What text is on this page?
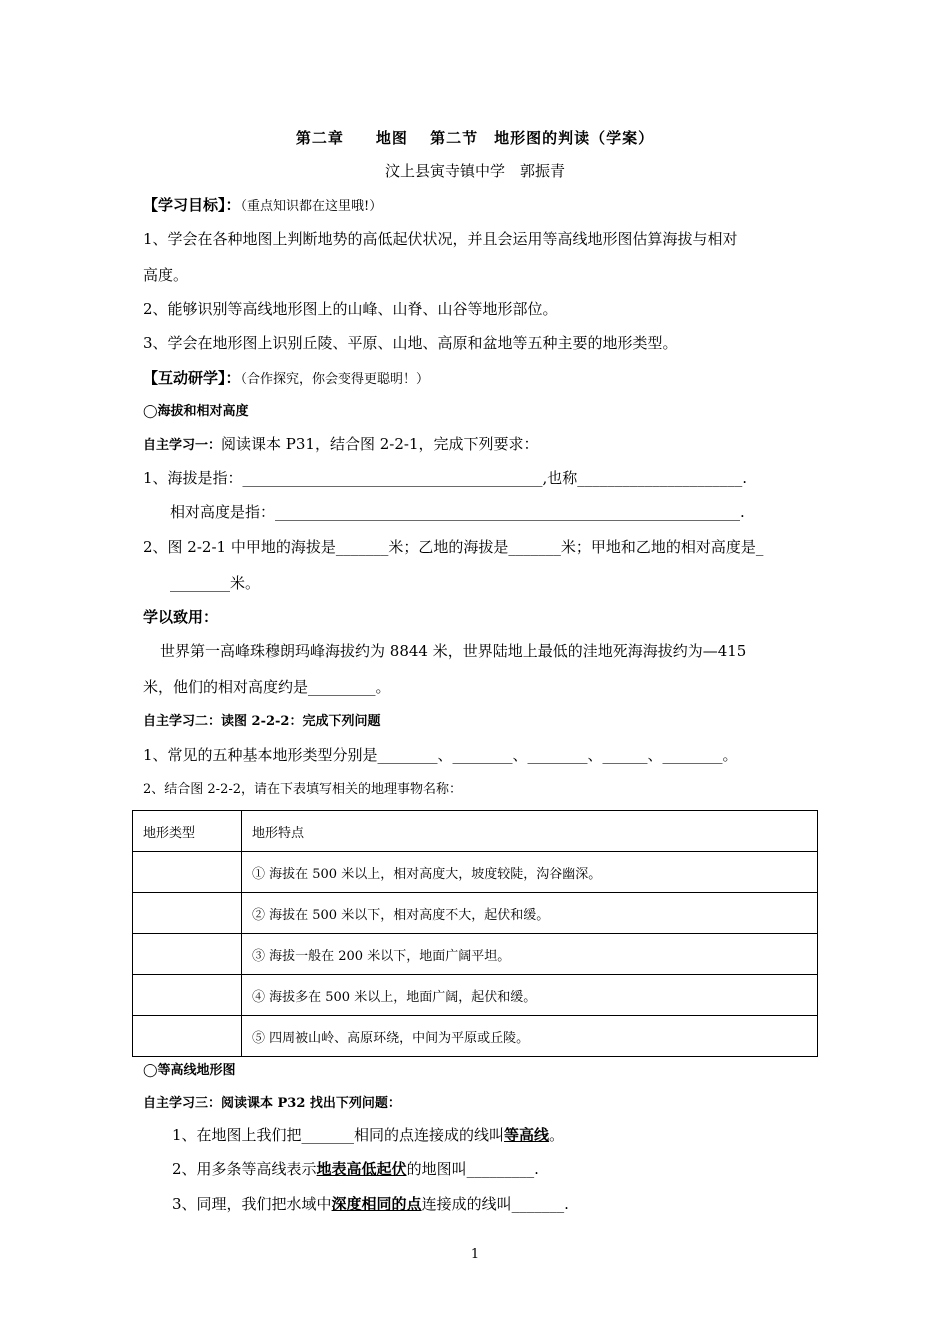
第二章　　地图　 第二节　地形图的判读（学案）
汶上县寅寺镇中学　郭振青
【学习目标】：（重点知识都在这里哦!）
1、学会在各种地图上判断地势的高低起伏状况，并且会运用等高线地形图估算海拔与相对
高度。
2、能够识别等高线地形图上的山峰、山脊、山谷等地形部位。
3、学会在地形图上识别丘陵、平原、山地、高原和盆地等五种主要的地形类型。
【互动研学】：（合作探究，你会变得更聪明！）
◯海拔和相对高度
自主学习一：阅读课本 P31，结合图 2-2-1，完成下列要求：
1、海拔是指：________________________________________,也称______________________.
相对高度是指：______________________________________________________________.
2、图 2-2-1 中甲地的海拔是_______米；乙地的海拔是_______米；甲地和乙地的相对高度是_
________米。
学以致用：
世界第一高峰珠穆朗玛峰海拔约为 8844 米，世界陆地上最低的洼地死海海拔约为—415
米，他们的相对高度约是_________。
自主学习二：读图 2-2-2：完成下列问题
1、常见的五种基本地形类型分别是________、________、________、______、________。
2、结合图 2-2-2，请在下表填写相关的地理事物名称：
地形类型	地形特点
	① 海拔在 500 米以上，相对高度大，坡度较陡，沟谷幽深。
	② 海拔在 500 米以下，相对高度不大，起伏和缓。
	③ 海拔一般在 200 米以下，地面广阔平坦。
	④ 海拔多在 500 米以上，地面广阔，起伏和缓。
	⑤ 四周被山岭、高原环绕，中间为平原或丘陵。
◯等高线地形图
自主学习三：阅读课本 P32 找出下列问题：
1、在地图上我们把_______相同的点连接成的线叫等高线。
2、用多条等高线表示地表高低起伏的地图叫_________.
3、同理，我们把水域中深度相同的点连接成的线叫_______.
1
